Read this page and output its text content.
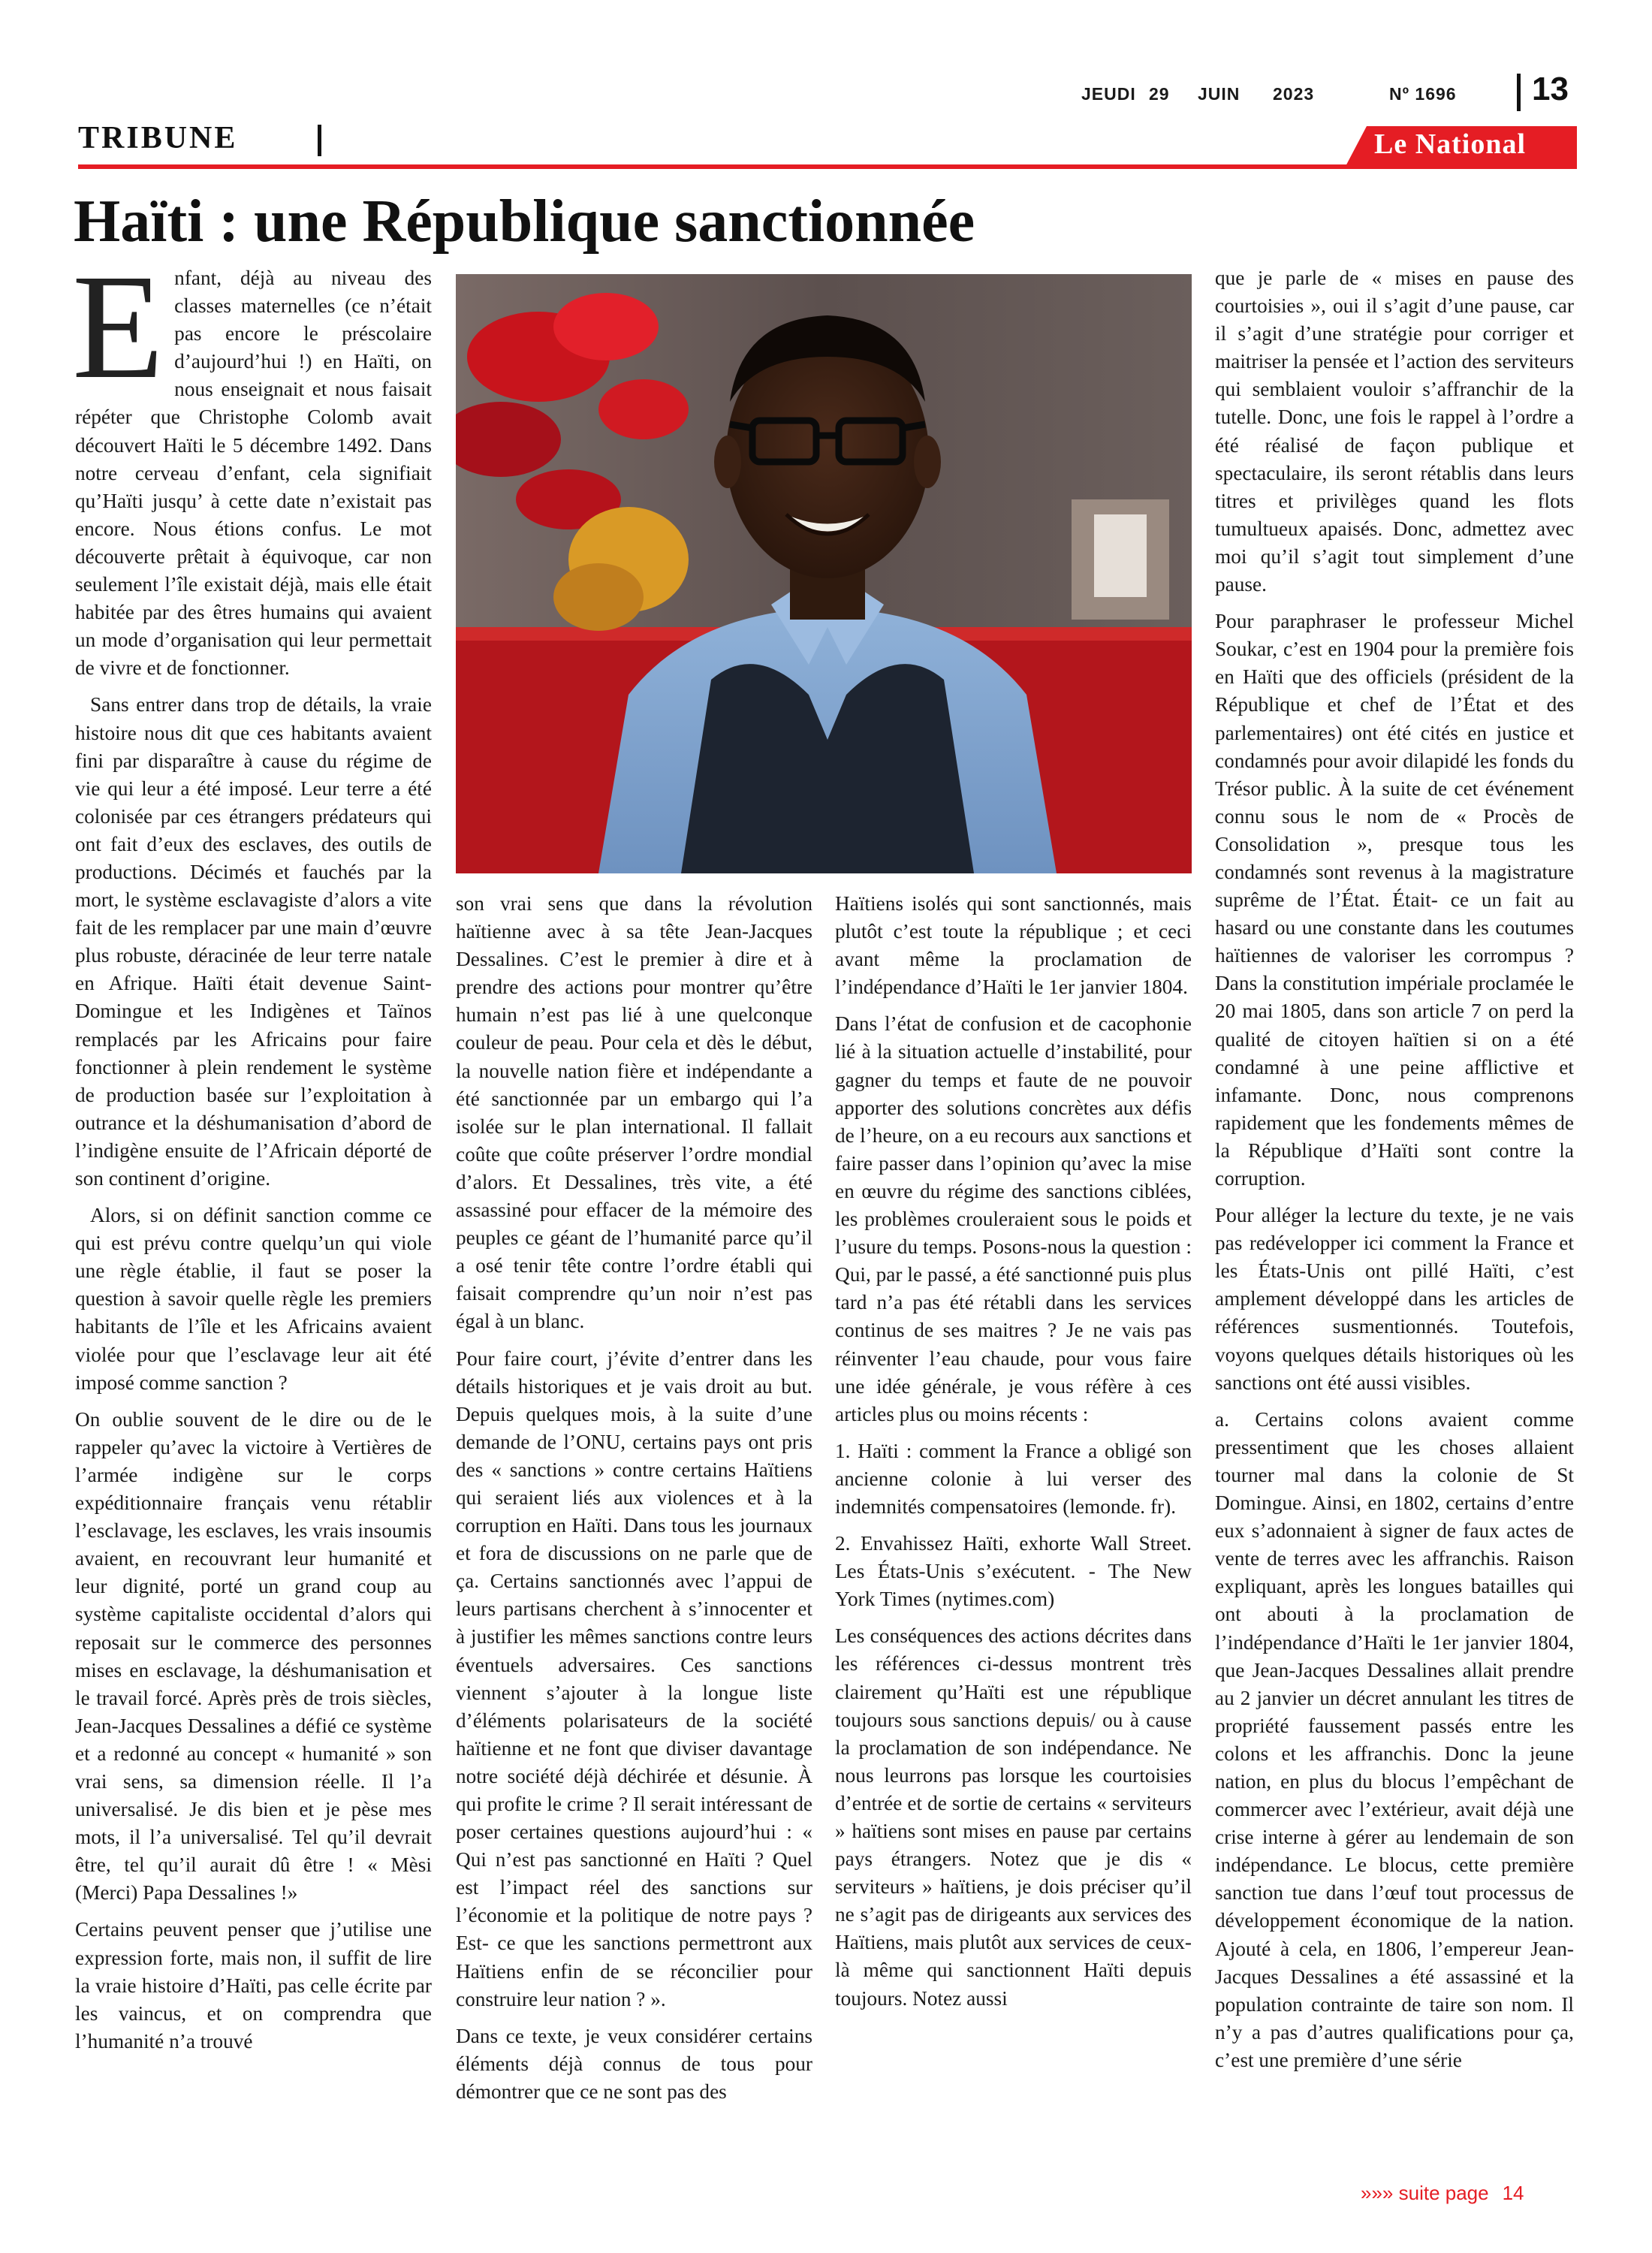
JEUDI 29 JUIN 2023	Nº 1696 13
TRIBUNE	Le National
Haïti : une République sanctionnée

Enfant, déjà au niveau des classes maternelles (ce n’était pas encore le préscolaire d’aujourd’hui !) en Haïti, on nous enseignait et nous faisait répéter que Christophe Colomb avait découvert Haïti le 5 décembre 1492. Dans notre cerveau d’enfant, cela signifiait qu’Haïti jusqu’ à cette date n’existait pas encore. Nous étions confus. Le mot découverte prêtait à équivoque, car non seulement l’île existait déjà, mais elle était habitée par des êtres humains qui avaient un mode d’organisation qui leur permettait de vivre et de fonctionner.

Sans entrer dans trop de détails, la vraie histoire nous dit que ces habitants avaient fini par disparaître à cause du régime de vie qui leur a été imposé. Leur terre a été colonisée par ces étrangers prédateurs qui ont fait d’eux des esclaves, des outils de productions. Décimés et fauchés par la mort, le système esclavagiste d’alors a vite fait de les remplacer par une main d’œuvre plus robuste, déracinée de leur terre natale en Afrique. Haïti était devenue Saint-Domingue et les Indigènes et Taïnos remplacés par les Africains pour faire fonctionner à plein rendement le système de production basée sur l’exploitation à outrance et la déshumanisation d’abord de l’indigène ensuite de l’Africain déporté de son continent d’origine.

Alors, si on définit sanction comme ce qui est prévu contre quelqu’un qui viole une règle établie, il faut se poser la question à savoir quelle règle les premiers habitants de l’île et les Africains avaient violée pour que l’esclavage leur ait été imposé comme sanction ?

On oublie souvent de le dire ou de le rappeler qu’avec la victoire à Vertières de l’armée indigène sur le corps expéditionnaire français venu rétablir l’esclavage, les esclaves, les vrais insoumis avaient, en recouvrant leur humanité et leur dignité, porté un grand coup au système capitaliste occidental d’alors qui reposait sur le commerce des personnes mises en esclavage, la déshumanisation et le travail forcé. Après près de trois siècles, Jean-Jacques Dessalines a défié ce système et a redonné au concept « humanité » son vrai sens, sa dimension réelle. Il l’a universalisé. Je dis bien et je pèse mes mots, il l’a universalisé. Tel qu’il devrait être, tel qu’il aurait dû être ! « Mèsi (Merci) Papa Dessalines !»

Certains peuvent penser que j’utilise une expression forte, mais non, il suffit de lire la vraie histoire d’Haïti, pas celle écrite par les vaincus, et on comprendra que l’humanité n’a trouvé

son vrai sens que dans la révolution haïtienne avec à sa tête Jean-Jacques Dessalines. C’est le premier à dire et à prendre des actions pour montrer qu’être humain n’est pas lié à une quelconque couleur de peau. Pour cela et dès le début, la nouvelle nation fière et indépendante a été sanctionnée par un embargo qui l’a isolée sur le plan international. Il fallait coûte que coûte préserver l’ordre mondial d’alors. Et Dessalines, très vite, a été assassiné pour effacer de la mémoire des peuples ce géant de l’humanité parce qu’il a osé tenir tête contre l’ordre établi qui faisait comprendre qu’un noir n’est pas égal à un blanc.

Pour faire court, j’évite d’entrer dans les détails historiques et je vais droit au but. Depuis quelques mois, à la suite d’une demande de l’ONU, certains pays ont pris des « sanctions » contre certains Haïtiens qui seraient liés aux violences et à la corruption en Haïti. Dans tous les journaux et fora de discussions on ne parle que de ça. Certains sanctionnés avec l’appui de leurs partisans cherchent à s’innocenter et à justifier les mêmes sanctions contre leurs éventuels adversaires. Ces sanctions viennent s’ajouter à la longue liste d’éléments polarisateurs de la société haïtienne et ne font que diviser davantage notre société déjà déchirée et désunie. À qui profite le crime ? Il serait intéressant de poser certaines questions aujourd’hui : « Qui n’est pas sanctionné en Haïti ? Quel est l’impact réel des sanctions sur l’économie et la politique de notre pays ? Est- ce que les sanctions permettront aux Haïtiens enfin de se réconcilier pour construire leur nation ? ».

Dans ce texte, je veux considérer certains éléments déjà connus de tous pour démontrer que ce ne sont pas des

Haïtiens isolés qui sont sanctionnés, mais plutôt c’est toute la république ; et ceci avant même la proclamation de l’indépendance d’Haïti le 1er janvier 1804.

Dans l’état de confusion et de cacophonie lié à la situation actuelle d’instabilité, pour gagner du temps et faute de ne pouvoir apporter des solutions concrètes aux défis de l’heure, on a eu recours aux sanctions et faire passer dans l’opinion qu’avec la mise en œuvre du régime des sanctions ciblées, les problèmes crouleraient sous le poids et l’usure du temps. Posons-nous la question : Qui, par le passé, a été sanctionné puis plus tard n’a pas été rétabli dans les services continus de ses maitres ? Je ne vais pas réinventer l’eau chaude, pour vous faire une idée générale, je vous réfère à ces articles plus ou moins récents :

1. Haïti : comment la France a obligé son ancienne colonie à lui verser des indemnités compensatoires (lemonde. fr).

2. Envahissez Haïti, exhorte Wall Street. Les États-Unis s’exécutent. - The New York Times (nytimes.com)

Les conséquences des actions décrites dans les références ci-dessus montrent très clairement qu’Haïti est une république toujours sous sanctions depuis/ ou à cause la proclamation de son indépendance. Ne nous leurrons pas lorsque les courtoisies d’entrée et de sortie de certains « serviteurs » haïtiens sont mises en pause par certains pays étrangers. Notez que je dis « serviteurs » haïtiens, je dois préciser qu’il ne s’agit pas de dirigeants aux services des Haïtiens, mais plutôt aux services de ceux-là même qui sanctionnent Haïti depuis toujours. Notez aussi

que je parle de « mises en pause des courtoisies », oui il s’agit d’une pause, car il s’agit d’une stratégie pour corriger et maitriser la pensée et l’action des serviteurs qui semblaient vouloir s’affranchir de la tutelle. Donc, une fois le rappel à l’ordre a été réalisé de façon publique et spectaculaire, ils seront rétablis dans leurs titres et privilèges quand les flots tumultueux apaisés. Donc, admettez avec moi qu’il s’agit tout simplement d’une pause.

Pour paraphraser le professeur Michel Soukar, c’est en 1904 pour la première fois en Haïti que des officiels (président de la République et chef de l’État et des parlementaires) ont été cités en justice et condamnés pour avoir dilapidé les fonds du Trésor public. À la suite de cet événement connu sous le nom de « Procès de Consolidation », presque tous les condamnés sont revenus à la magistrature suprême de l’État. Était- ce un fait au hasard ou une constante dans les coutumes haïtiennes de valoriser les corrompus ? Dans la constitution impériale proclamée le 20 mai 1805, dans son article 7 on perd la qualité de citoyen haïtien si on a été condamné à une peine afflictive et infamante. Donc, nous comprenons rapidement que les fondements mêmes de la République d’Haïti sont contre la corruption.

Pour alléger la lecture du texte, je ne vais pas redévelopper ici comment la France et les États-Unis ont pillé Haïti, c’est amplement développé dans les articles de références susmentionnés. Toutefois, voyons quelques détails historiques où les sanctions ont été aussi visibles.

a. Certains colons avaient comme pressentiment que les choses allaient tourner mal dans la colonie de St Domingue. Ainsi, en 1802, certains d’entre eux s’adonnaient à signer de faux actes de vente de terres avec les affranchis. Raison expliquant, après les longues batailles qui ont abouti à la proclamation de l’indépendance d’Haïti le 1er janvier 1804, que Jean-Jacques Dessalines allait prendre au 2 janvier un décret annulant les titres de propriété faussement passés entre les colons et les affranchis. Donc la jeune nation, en plus du blocus l’empêchant de commercer avec l’extérieur, avait déjà une crise interne à gérer au lendemain de son indépendance. Le blocus, cette première sanction tue dans l’œuf tout processus de développement économique de la nation. Ajouté à cela, en 1806, l’empereur Jean-Jacques Dessalines a été assassiné et la population contrainte de taire son nom. Il n’y a pas d’autres qualifications pour ça, c’est une première d’une série

»»» suite page 14
